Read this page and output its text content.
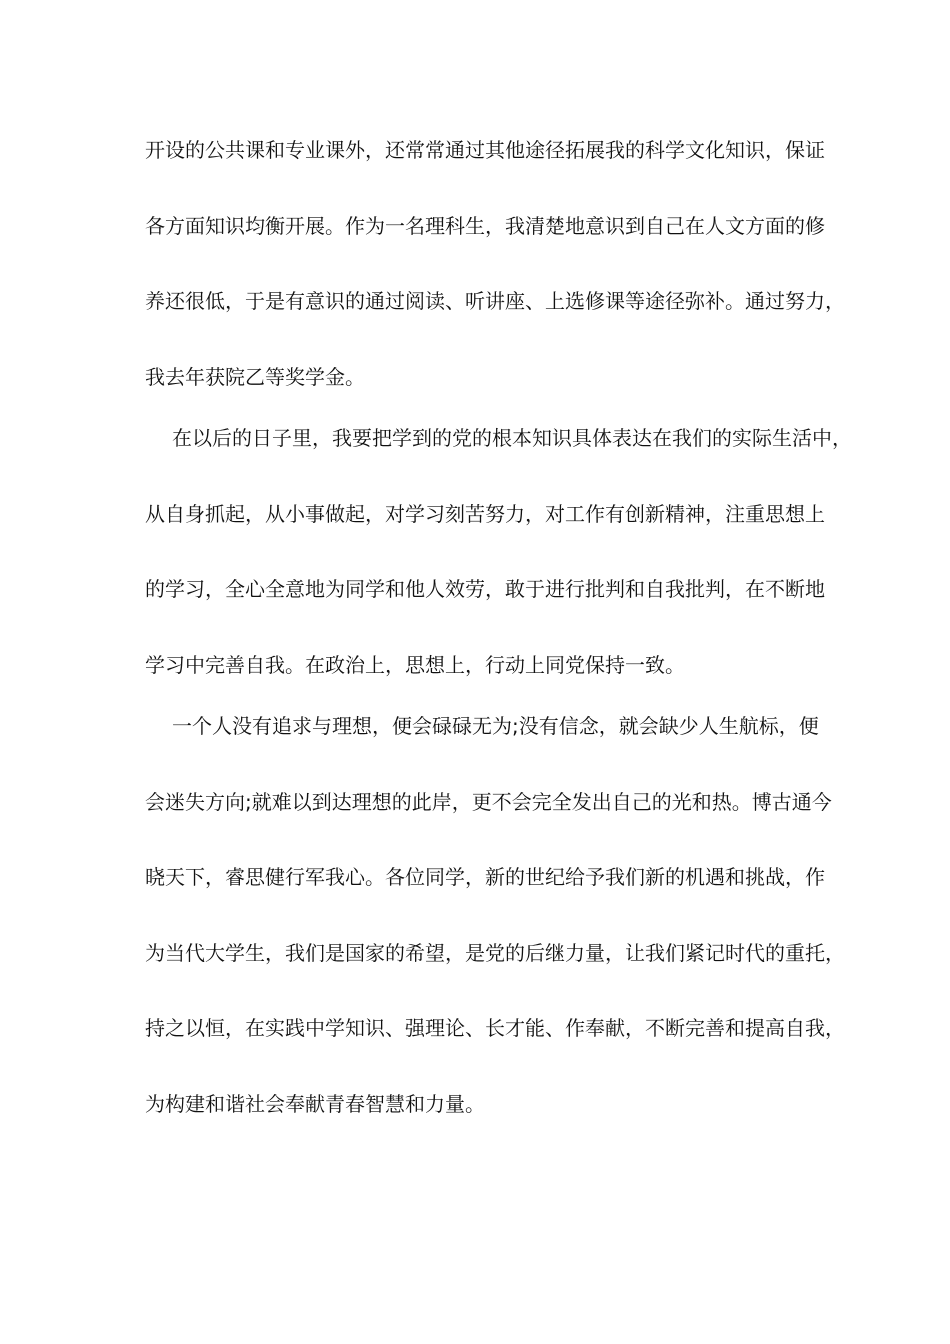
开设的公共课和专业课外，还常常通过其他途径拓展我的科学文化知识，保证
各方面知识均衡开展。作为一名理科生，我清楚地意识到自己在人文方面的修
养还很低，于是有意识的通过阅读、听讲座、上选修课等途径弥补。通过努力，
我去年获院乙等奖学金。
在以后的日子里，我要把学到的党的根本知识具体表达在我们的实际生活中，
从自身抓起，从小事做起，对学习刻苦努力，对工作有创新精神，注重思想上
的学习，全心全意地为同学和他人效劳，敢于进行批判和自我批判，在不断地
学习中完善自我。在政治上，思想上，行动上同党保持一致。
一个人没有追求与理想，便会碌碌无为;没有信念，就会缺少人生航标，便
会迷失方向;就难以到达理想的此岸，更不会完全发出自己的光和热。博古通今
晓天下，睿思健行军我心。各位同学，新的世纪给予我们新的机遇和挑战，作
为当代大学生，我们是国家的希望，是党的后继力量，让我们紧记时代的重托，
持之以恒，在实践中学知识、强理论、长才能、作奉献，不断完善和提高自我，
为构建和谐社会奉献青春智慧和力量。
